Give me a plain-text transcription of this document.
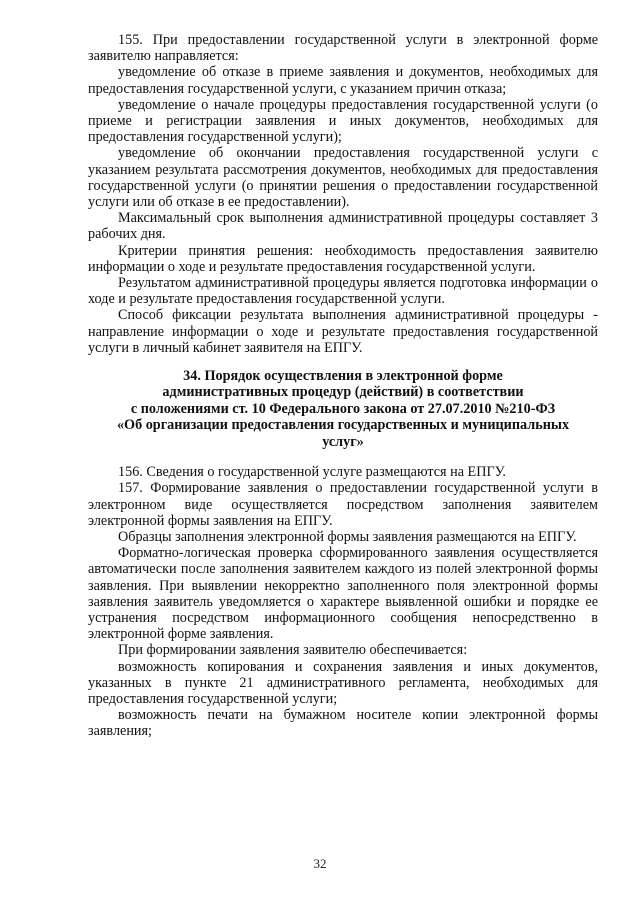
155. При предоставлении государственной услуги в электронной форме заявителю направляется:

уведомление об отказе в приеме заявления и документов, необходимых для предоставления государственной услуги, с указанием причин отказа;

уведомление о начале процедуры предоставления государственной услуги (о приеме и регистрации заявления и иных документов, необходимых для предоставления государственной услуги);

уведомление об окончании предоставления государственной услуги с указанием результата рассмотрения документов, необходимых для предоставления государственной услуги (о принятии решения о предоставлении государственной услуги или об отказе в ее предоставлении).

Максимальный срок выполнения административной процедуры составляет 3 рабочих дня.

Критерии принятия решения: необходимость предоставления заявителю информации о ходе и результате предоставления государственной услуги.

Результатом административной процедуры является подготовка информации о ходе и результате предоставления государственной услуги.

Способ фиксации результата выполнения административной процедуры - направление информации о ходе и результате предоставления государственной услуги в личный кабинет заявителя на ЕПГУ.

34. Порядок осуществления в электронной форме
административных процедур (действий) в соответствии
с положениями ст. 10 Федерального закона от 27.07.2010 №210-ФЗ
«Об организации предоставления государственных и муниципальных
услуг»

156. Сведения о государственной услуге размещаются на ЕПГУ.

157. Формирование заявления о предоставлении государственной услуги в электронном виде осуществляется посредством заполнения заявителем электронной формы заявления на ЕПГУ.

Образцы заполнения электронной формы заявления размещаются на ЕПГУ.

Форматно-логическая проверка сформированного заявления осуществляется автоматически после заполнения заявителем каждого из полей электронной формы заявления. При выявлении некорректно заполненного поля электронной формы заявления заявитель уведомляется о характере выявленной ошибки и порядке ее устранения посредством информационного сообщения непосредственно в электронной форме заявления.

При формировании заявления заявителю обеспечивается:

возможность копирования и сохранения заявления и иных документов, указанных в пункте 21 административного регламента, необходимых для предоставления государственной услуги;

возможность печати на бумажном носителе копии электронной формы заявления;

32
